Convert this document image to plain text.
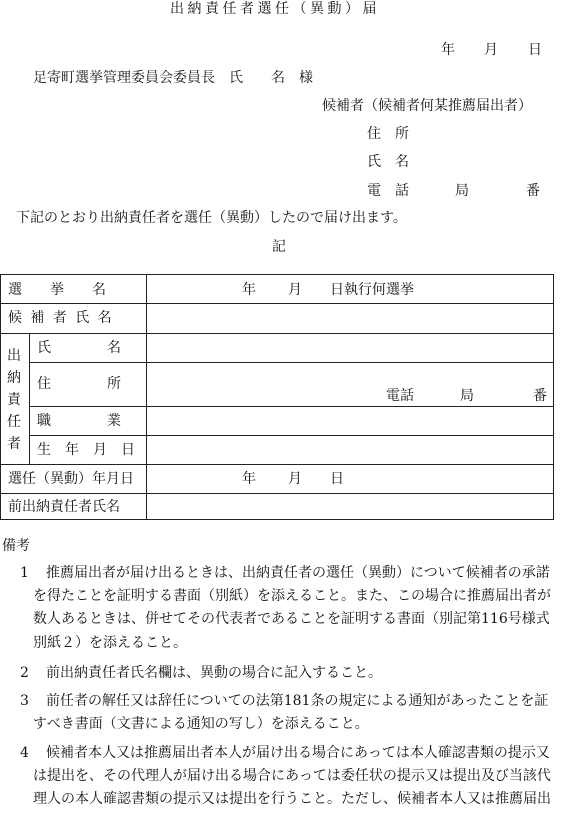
出納責任者選任（異動）届
年 月 日
足寄町選挙管理委員会委員長　氏　　名　様
候補者（候補者何某推薦届出者）
住　所
氏　名
電　話	局	番
下記のとおり出納責任者を選任（異動）したので届け出ます。
記
選　　挙　　名	年 月 日執行何選挙
候補者氏名
出
納
責
任
者
氏　　　　名
住　　　　所
電話	局	番
職　　　　業
生　年　月　日
選任（異動）年月日	年 月 日
前出納責任者氏名
備考
1 推薦届出者が届け出るときは、出納責任者の選任（異動）について候補者の承諾
を得たことを証明する書面（別紙）を添えること。また、この場合に推薦届出者が
数人あるときは、併せてその代表者であることを証明する書面（別記第116号様式
別紙２）を添えること。
2 前出納責任者氏名欄は、異動の場合に記入すること。
3 前任者の解任又は辞任についての法第181条の規定による通知があったことを証
すべき書面（文書による通知の写し）を添えること。
4 候補者本人又は推薦届出者本人が届け出る場合にあっては本人確認書類の提示又
は提出を、その代理人が届け出る場合にあっては委任状の提示又は提出及び当該代
理人の本人確認書類の提示又は提出を行うこと。ただし、候補者本人又は推薦届出
